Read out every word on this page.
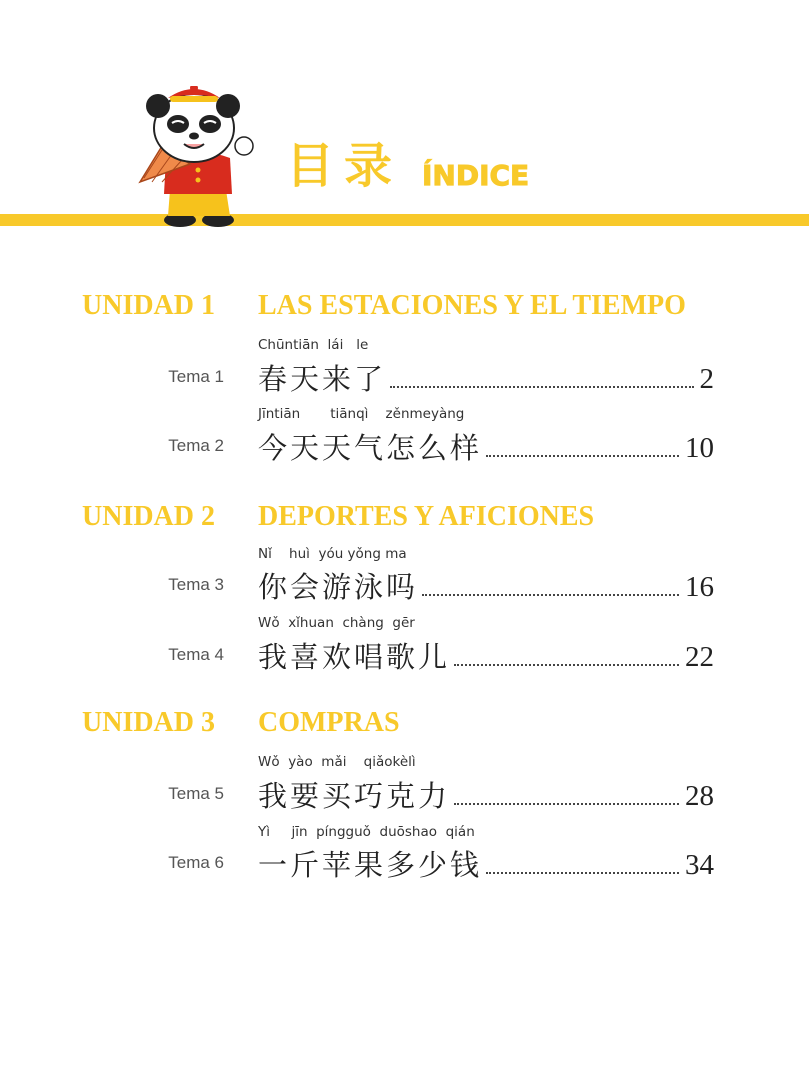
目录 ÍNDICE
UNIDAD 1	LAS ESTACIONES Y EL TIEMPO
Chūntiān  lái   le
Tema 1 春天来了	2
Jīntiān       tiānqì    zěnmeyàng
Tema 2 今天天气怎么样	10
UNIDAD 2	DEPORTES Y AFICIONES
Nǐ    huì  yóu yǒng ma
Tema 3 你会游泳吗	16
Wǒ  xǐhuan  chàng  gēr
Tema 4 我喜欢唱歌儿	22
UNIDAD 3	COMPRAS
Wǒ  yào  mǎi    qiǎokèlì
Tema 5 我要买巧克力	28
Yì     jīn  píngguǒ  duōshao  qián
Tema 6 一斤苹果多少钱	34
